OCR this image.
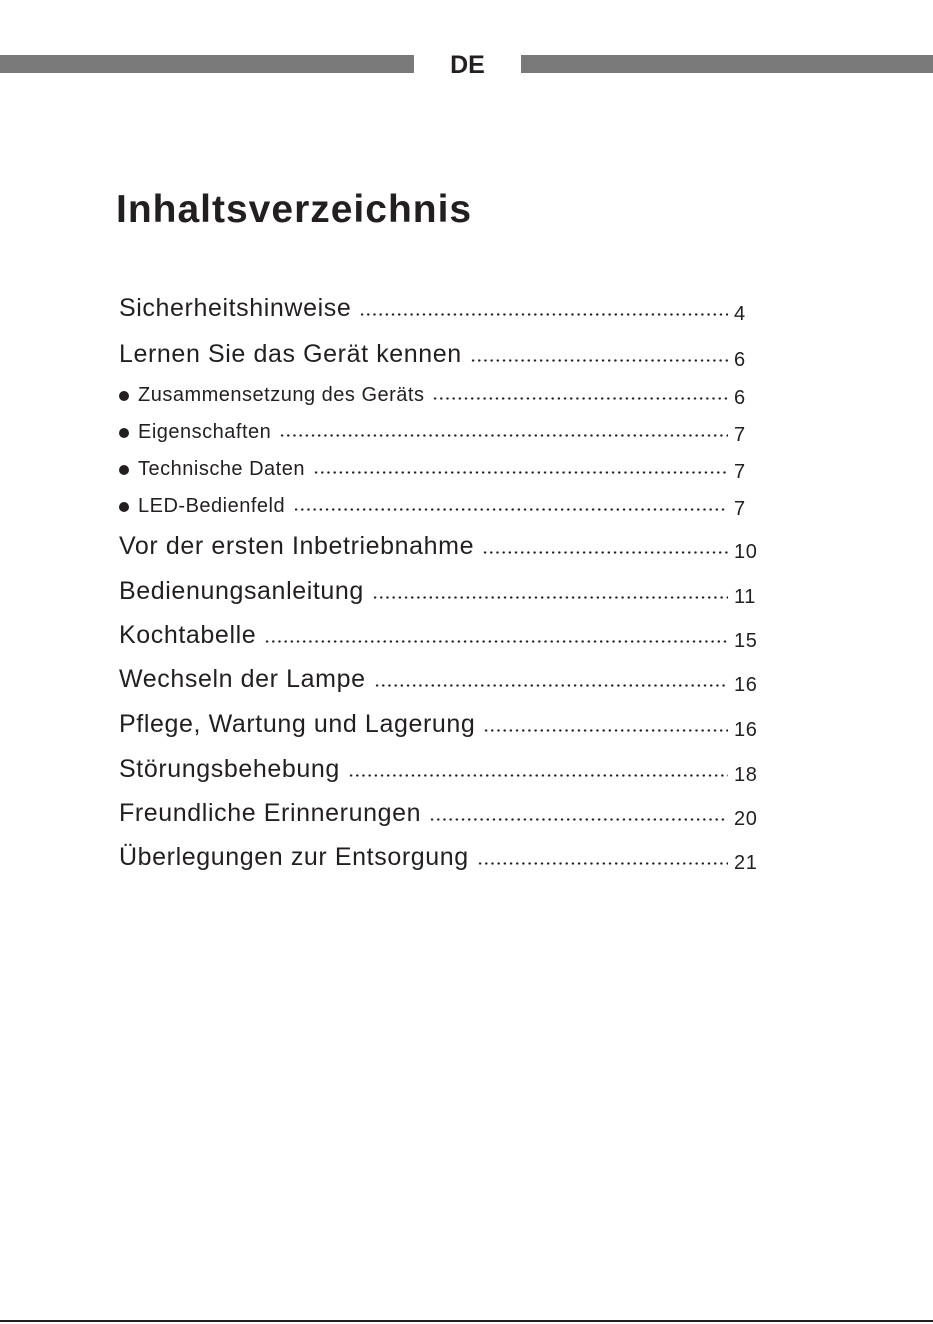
DE
Inhaltsverzeichnis
Sicherheitshinweise	4
Lernen Sie das Gerät kennen	6
Zusammensetzung des Geräts	6
Eigenschaften	7
Technische Daten	7
LED-Bedienfeld	7
Vor der ersten Inbetriebnahme	10
Bedienungsanleitung	11
Kochtabelle	15
Wechseln der Lampe	16
Pflege, Wartung und Lagerung	16
Störungsbehebung	18
Freundliche Erinnerungen	20
Überlegungen zur Entsorgung	21
